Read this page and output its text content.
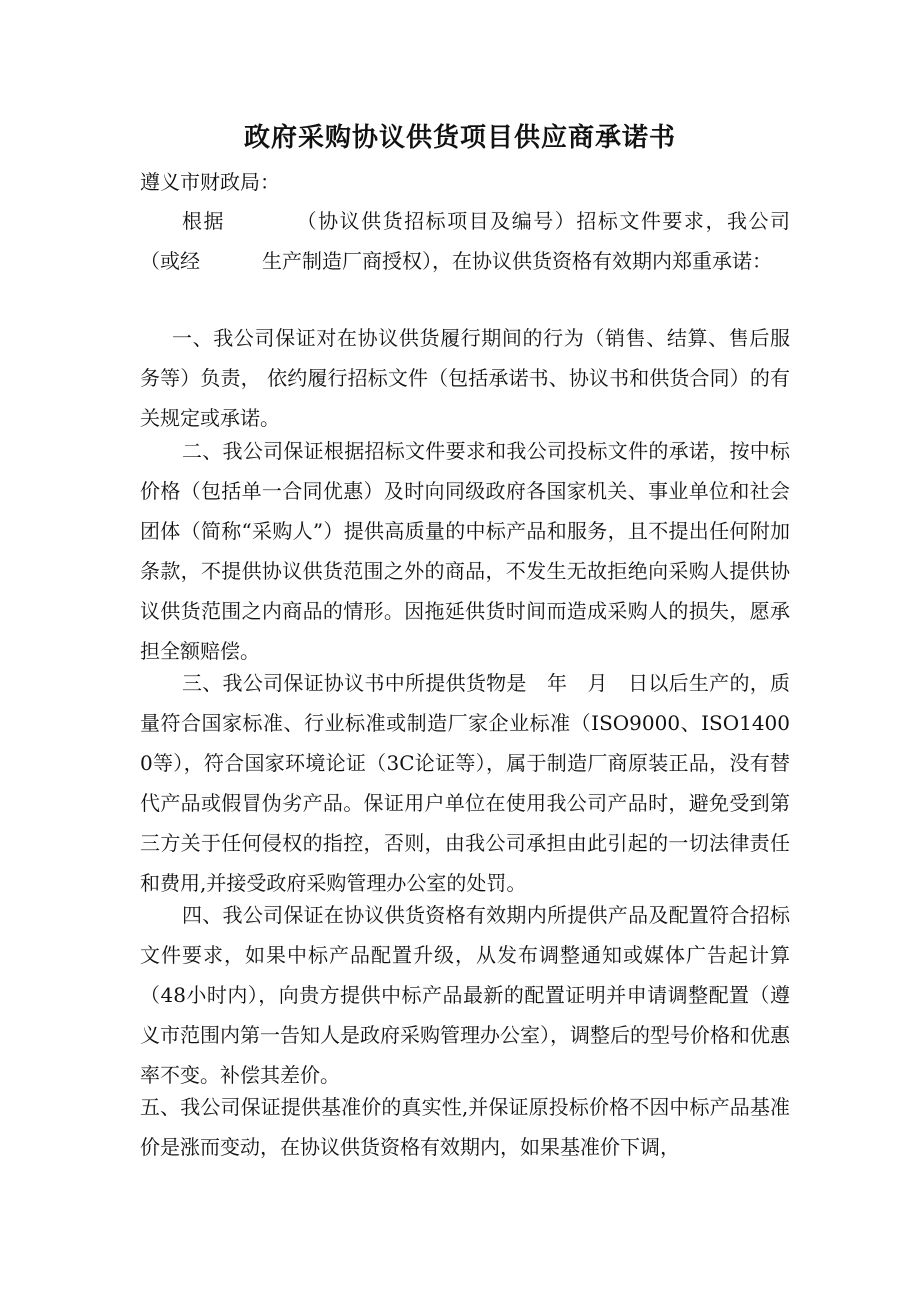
政府采购协议供货项目供应商承诺书

遵义市财政局：

根据	（协议供货招标项目及编号）招标文件要求，我公司（或经	生产制造厂商授权），在协议供货资格有效期内郑重承诺：

一、我公司保证对在协议供货履行期间的行为（销售、结算、售后服务等）负责， 依约履行招标文件（包括承诺书、协议书和供货合同）的有关规定或承诺。

二、我公司保证根据招标文件要求和我公司投标文件的承诺，按中标价格（包括单一合同优惠）及时向同级政府各国家机关、事业单位和社会团体（简称“采购人”）提供高质量的中标产品和服务，且不提出任何附加条款，不提供协议供货范围之外的商品，不发生无故拒绝向采购人提供协议供货范围之内商品的情形。因拖延供货时间而造成采购人的损失，愿承担全额赔偿。

三、我公司保证协议书中所提供货物是　年　月　日以后生产的，质量符合国家标准、行业标准或制造厂家企业标准（ISO9000、ISO14000等），符合国家环境论证（3C论证等），属于制造厂商原装正品，没有替代产品或假冒伪劣产品。保证用户单位在使用我公司产品时，避免受到第三方关于任何侵权的指控，否则，由我公司承担由此引起的一切法律责任和费用,并接受政府采购管理办公室的处罚。

四、我公司保证在协议供货资格有效期内所提供产品及配置符合招标文件要求，如果中标产品配置升级，从发布调整通知或媒体广告起计算（48小时内），向贵方提供中标产品最新的配置证明并申请调整配置（遵义市范围内第一告知人是政府采购管理办公室），调整后的型号价格和优惠率不变。补偿其差价。

五、我公司保证提供基准价的真实性,并保证原投标价格不因中标产品基准价是涨而变动，在协议供货资格有效期内，如果基准价下调，
